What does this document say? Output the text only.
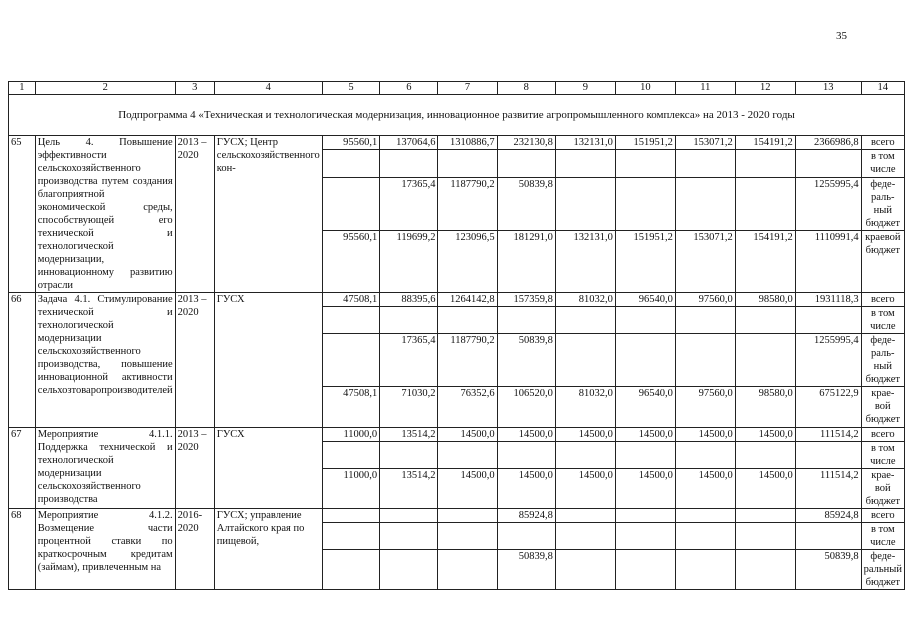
35
1	2	3	4	5	6	7	8	9	10	11	12	13	14
Подпрограмма 4 «Техническая и технологическая модернизация, инновационное развитие агропромышленного комплекса» на 2013 - 2020 годы													
65	Цель 4. Повышение эффективности сельскохозяйственного производства путем создания благоприятной экономической среды, способствующей его технической и технологической модернизации, инновационному развитию отрасли	2013 – 2020	ГУСХ; Центр сельскохозяйственного кон-	95560,1	137064,6	1310886,7	232130,8	132131,0	151951,2	153071,2	154191,2	2366986,8	всего
													в том числе
					17365,4	1187790,2	50839,8					1255995,4	феде-раль-ный бюджет
				95560,1	119699,2	123096,5	181291,0	132131,0	151951,2	153071,2	154191,2	1110991,4	краевой бюджет
66	Задача 4.1. Стимулирование технической и технологической модернизации сельскохозяйственного производства, повышение инновационной активности сельхозтоваропроизводителей	2013 – 2020	ГУСХ	47508,1	88395,6	1264142,8	157359,8	81032,0	96540,0	97560,0	98580,0	1931118,3	всего
													в том числе
					17365,4	1187790,2	50839,8					1255995,4	феде-раль-ный бюджет
				47508,1	71030,2	76352,6	106520,0	81032,0	96540,0	97560,0	98580,0	675122,9	крае-вой бюджет
67	Мероприятие 4.1.1. Поддержка технической и технологической модернизации сельскохозяйственного производства	2013 – 2020	ГУСХ	11000,0	13514,2	14500,0	14500,0	14500,0	14500,0	14500,0	14500,0	111514,2	всего
													в том числе
				11000,0	13514,2	14500,0	14500,0	14500,0	14500,0	14500,0	14500,0	111514,2	крае-вой бюджет
68	Мероприятие 4.1.2. Возмещение части процентной ставки по краткосрочным кредитам (займам), привлеченным на	2016-2020	ГУСХ; управление Алтайского края по пищевой,				85924,8					85924,8	всего
													в том числе
							50839,8					50839,8	феде-ральный бюджет
